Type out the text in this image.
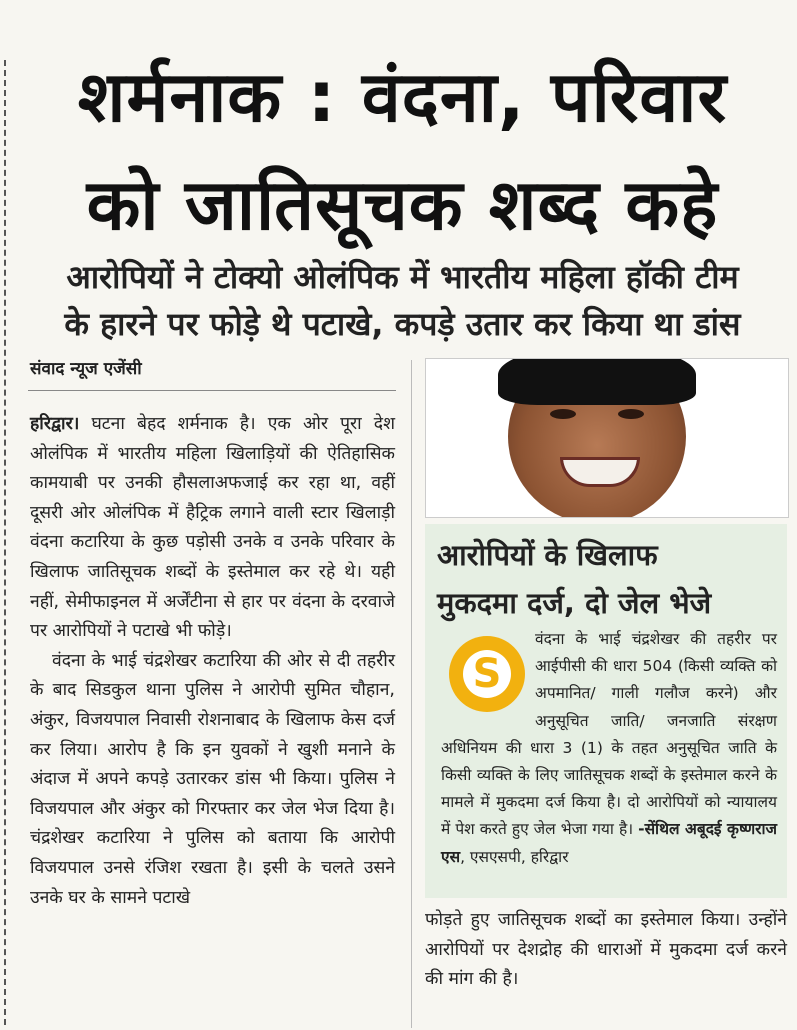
शर्मनाक : वंदना, परिवार
को जातिसूचक शब्द कहे
आरोपियों ने टोक्यो ओलंपिक में भारतीय महिला हॉकी टीम
के हारने पर फोड़े थे पटाखे, कपड़े उतार कर किया था डांस
संवाद न्यूज एजेंसी

हरिद्वार। घटना बेहद शर्मनाक है। एक ओर पूरा देश ओलंपिक में भारतीय महिला खिलाड़ियों की ऐतिहासिक कामयाबी पर उनकी हौसलाअफजाई कर रहा था, वहीं दूसरी ओर ओलंपिक में हैट्रिक लगाने वाली स्टार खिलाड़ी वंदना कटारिया के कुछ पड़ोसी उनके व उनके परिवार के खिलाफ जातिसूचक शब्दों के इस्तेमाल कर रहे थे। यही नहीं, सेमीफाइनल में अर्जेंटीना से हार पर वंदना के दरवाजे पर आरोपियों ने पटाखे भी फोड़े।

वंदना के भाई चंद्रशेखर कटारिया की ओर से दी तहरीर के बाद सिडकुल थाना पुलिस ने आरोपी सुमित चौहान, अंकुर, विजयपाल निवासी रोशनाबाद के खिलाफ केस दर्ज कर लिया। आरोप है कि इन युवकों ने खुशी मनाने के अंदाज में अपने कपड़े उतारकर डांस भी किया। पुलिस ने विजयपाल और अंकुर को गिरफ्तार कर जेल भेज दिया है। चंद्रशेखर कटारिया ने पुलिस को बताया कि आरोपी विजयपाल उनसे रंजिश रखता है। इसी के चलते उसने उनके घर के सामने पटाखे

आरोपियों के खिलाफ
मुकदमा दर्ज, दो जेल भेजे
वंदना के भाई चंद्रशेखर की तहरीर पर आईपीसी की धारा 504 (किसी व्यक्ति को अपमानित/ गाली गलौज करने) और अनुसूचित जाति/ जनजाति संरक्षण अधिनियम की धारा 3 (1) के तहत अनुसूचित जाति के किसी व्यक्ति के लिए जातिसूचक शब्दों के इस्तेमाल करने के मामले में मुकदमा दर्ज किया है। दो आरोपियों को न्यायालय में पेश करते हुए जेल भेजा गया है। -सेंथिल अबूदई कृष्णराज एस, एसएसपी, हरिद्वार
S

फोड़ते हुए जातिसूचक शब्दों का इस्तेमाल किया। उन्होंने आरोपियों पर देशद्रोह की धाराओं में मुकदमा दर्ज करने की मांग की है।
